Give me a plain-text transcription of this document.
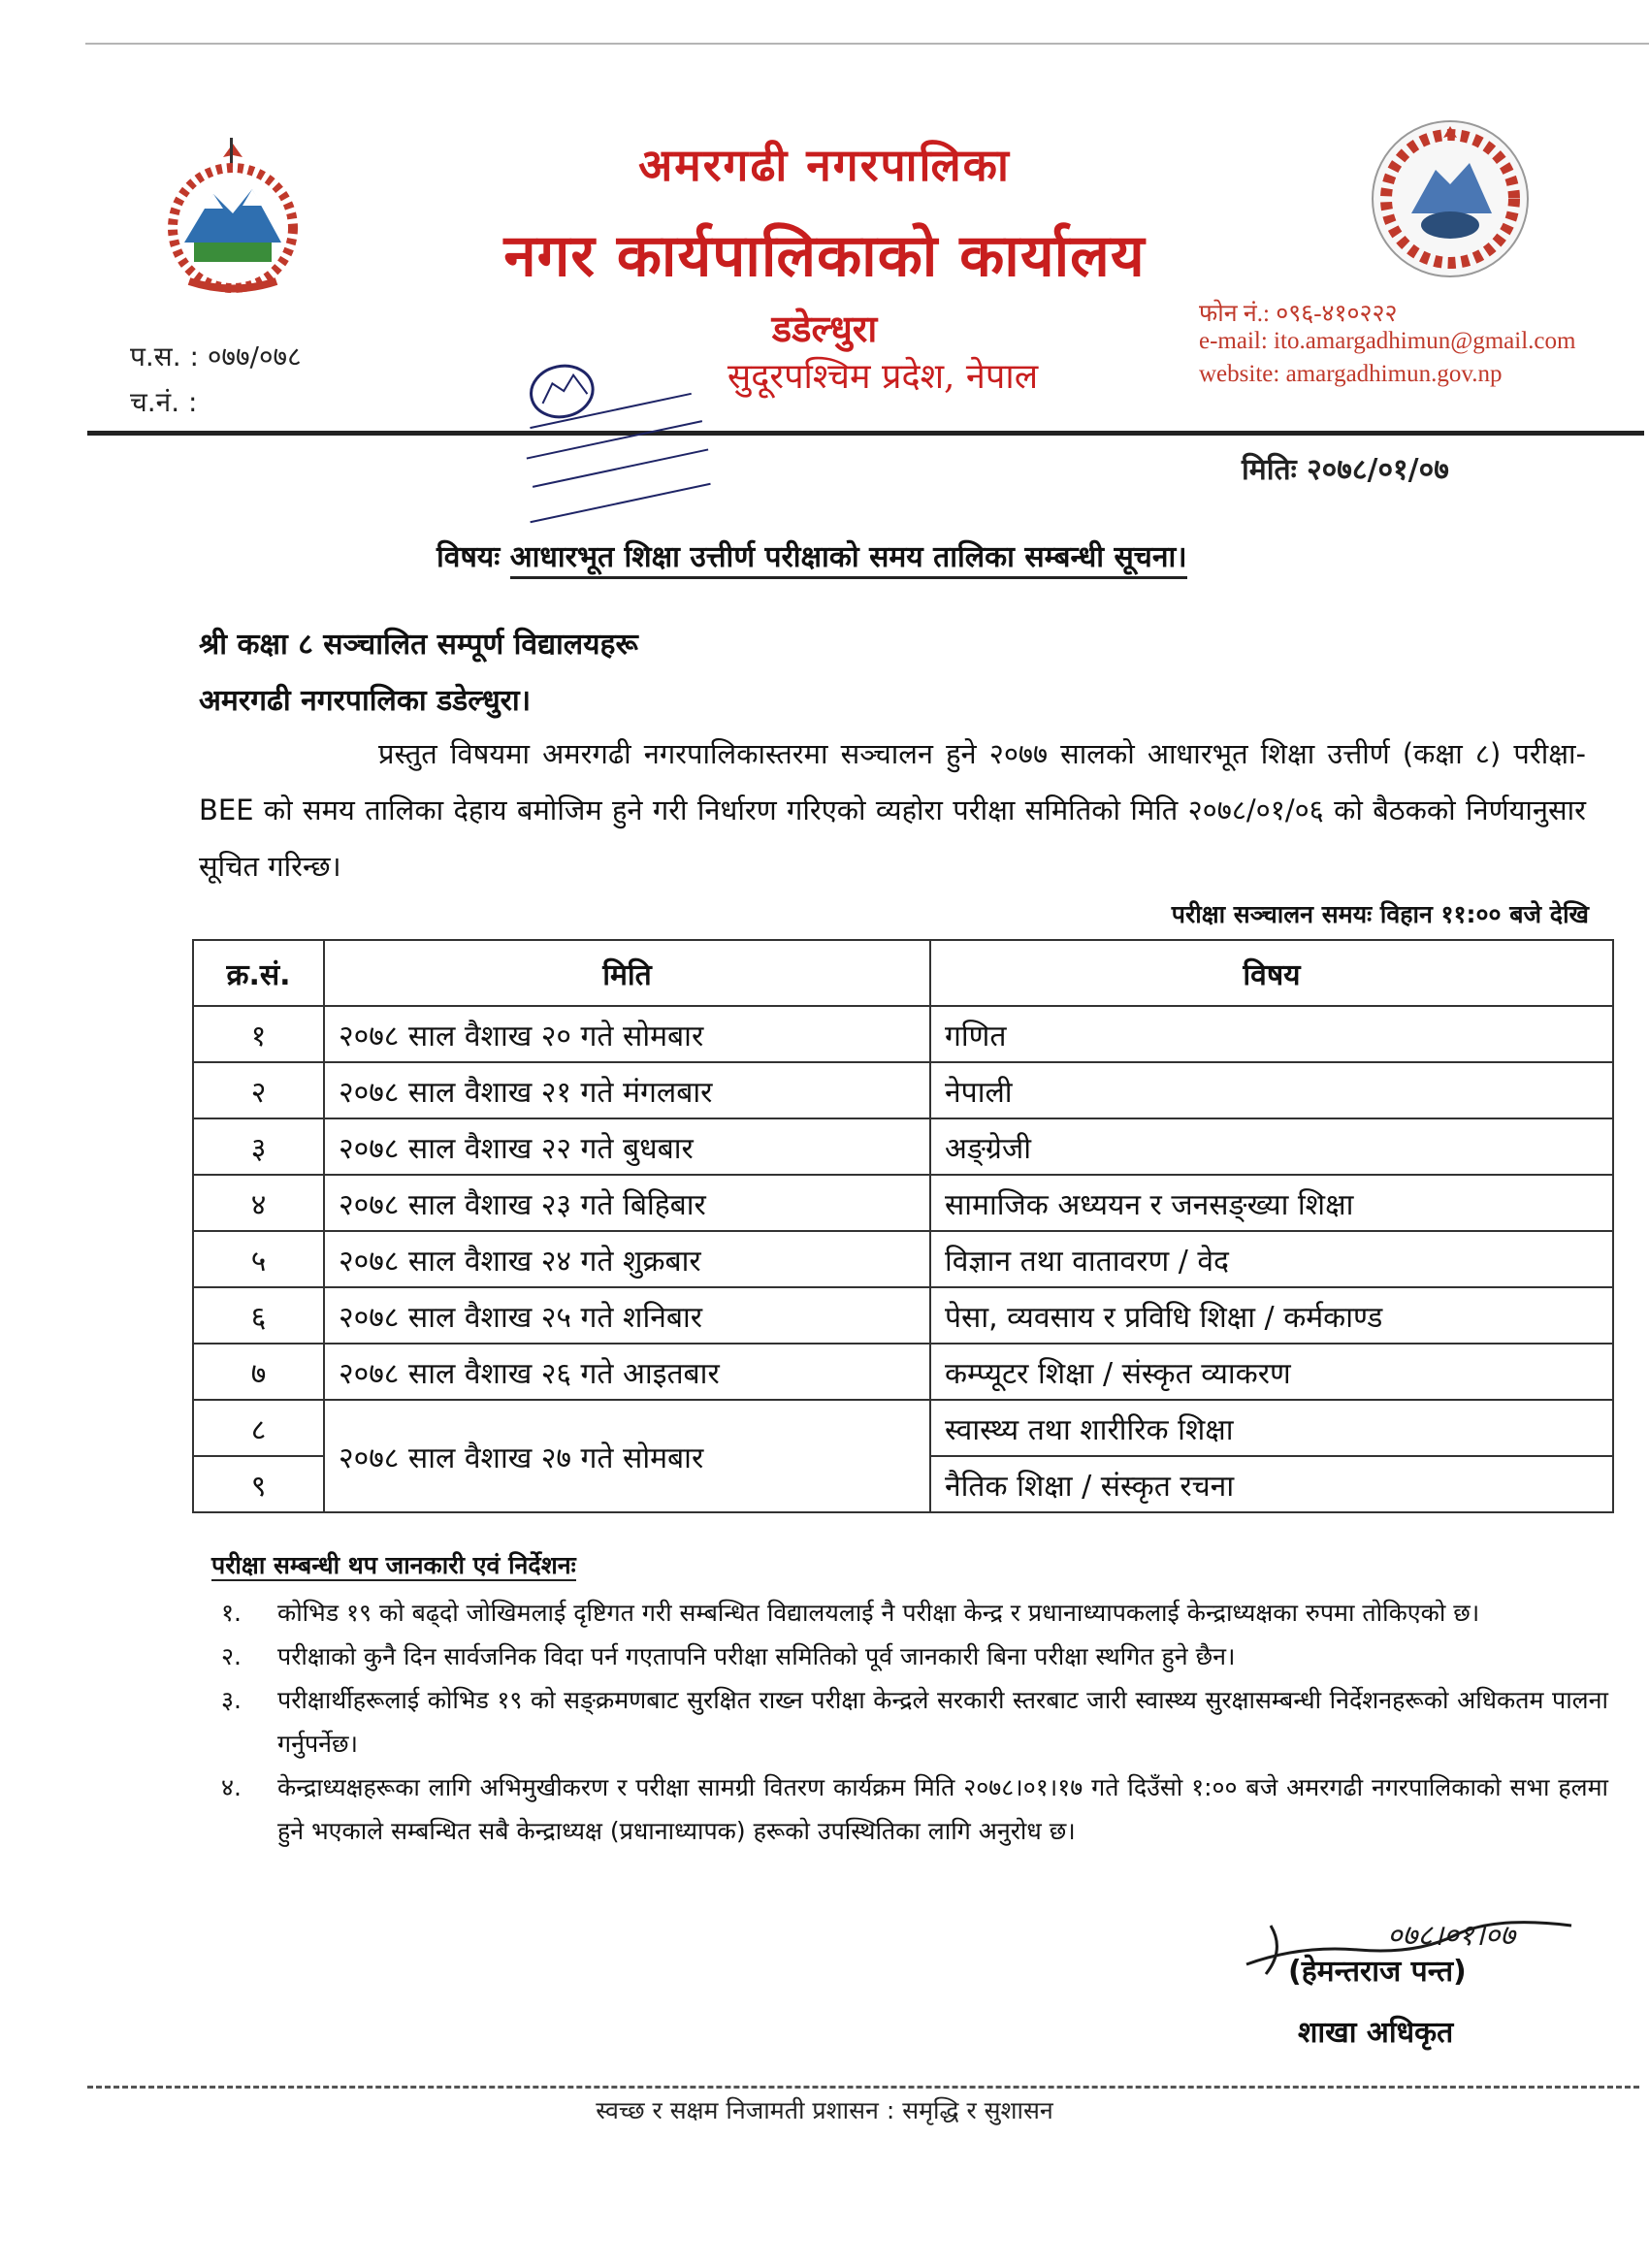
अमरगढी नगरपालिका
नगर कार्यपालिकाको कार्यालय
डडेल्धुरा
सुदूरपश्चिम प्रदेश, नेपाल
फोन नं.: ०९६-४१०२२२
e-mail: ito.amargadhimun@gmail.com
website: amargadhimun.gov.np
प.स. : ०७७/०७८
च.नं. :
मितिः २०७८/०१/०७
विषयः आधारभूत शिक्षा उत्तीर्ण परीक्षाको समय तालिका सम्बन्धी सूचना।
श्री कक्षा ८ सञ्चालित सम्पूर्ण विद्यालयहरू
अमरगढी नगरपालिका डडेल्धुरा।
प्रस्तुत विषयमा अमरगढी नगरपालिकास्तरमा सञ्चालन हुने २०७७ सालको आधारभूत शिक्षा उत्तीर्ण (कक्षा ८) परीक्षा-BEE को समय तालिका देहाय बमोजिम हुने गरी निर्धारण गरिएको व्यहोरा परीक्षा समितिको मिति २०७८/०१/०६ को बैठकको निर्णयानुसार सूचित गरिन्छ।
परीक्षा सञ्चालन समयः विहान ११:०० बजे देखि
क्र.सं.	मिति	विषय
१	२०७८ साल वैशाख २० गते सोमबार	गणित
२	२०७८ साल वैशाख २१ गते मंगलबार	नेपाली
३	२०७८ साल वैशाख २२ गते बुधबार	अङ्ग्रेजी
४	२०७८ साल वैशाख २३ गते बिहिबार	सामाजिक अध्ययन र जनसङ्ख्या शिक्षा
५	२०७८ साल वैशाख २४ गते शुक्रबार	विज्ञान तथा वातावरण / वेद
६	२०७८ साल वैशाख २५ गते शनिबार	पेसा, व्यवसाय र प्रविधि शिक्षा / कर्मकाण्ड
७	२०७८ साल वैशाख २६ गते आइतबार	कम्प्यूटर शिक्षा / संस्कृत व्याकरण
८	२०७८ साल वैशाख २७ गते सोमबार	स्वास्थ्य तथा शारीरिक शिक्षा
९		नैतिक शिक्षा / संस्कृत रचना
परीक्षा सम्बन्धी थप जानकारी एवं निर्देशनः
१.	कोभिड १९ को बढ्दो जोखिमलाई दृष्टिगत गरी सम्बन्धित विद्यालयलाई नै परीक्षा केन्द्र र प्रधानाध्यापकलाई केन्द्राध्यक्षका रुपमा तोकिएको छ।
२.	परीक्षाको कुनै दिन सार्वजनिक विदा पर्न गएतापनि परीक्षा समितिको पूर्व जानकारी बिना परीक्षा स्थगित हुने छैन।
३.	परीक्षार्थीहरूलाई कोभिड १९ को सङ्क्रमणबाट सुरक्षित राख्न परीक्षा केन्द्रले सरकारी स्तरबाट जारी स्वास्थ्य सुरक्षासम्बन्धी निर्देशनहरूको अधिकतम पालना गर्नुपर्नेछ।
४.	केन्द्राध्यक्षहरूका लागि अभिमुखीकरण र परीक्षा सामग्री वितरण कार्यक्रम मिति २०७८।०१।१७ गते दिउँसो १:०० बजे अमरगढी नगरपालिकाको सभा हलमा हुने भएकाले सम्बन्धित सबै केन्द्राध्यक्ष (प्रधानाध्यापक) हरूको उपस्थितिका लागि अनुरोध छ।
०७८।०१।०७
(हेमन्तराज पन्त)
शाखा अधिकृत
स्वच्छ र सक्षम निजामती प्रशासन : समृद्धि र सुशासन
